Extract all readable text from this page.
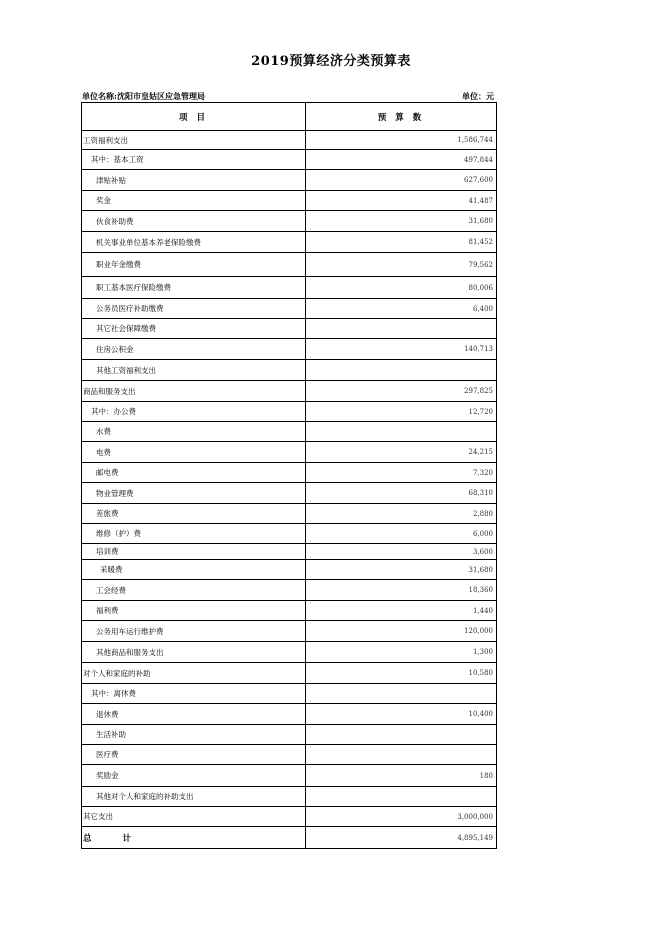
2019预算经济分类预算表
单位名称:沈阳市皇姑区应急管理局	单位：元
项 目	预 算 数
工资福利支出	1,586,744
其中：基本工资	497,844
津贴补贴	627,600
奖金	41,487
伙食补助费	31,680
机关事业单位基本养老保险缴费	81,452
职业年金缴费	79,562
职工基本医疗保险缴费	80,006
公务员医疗补助缴费	6,400
其它社会保障缴费	
住房公积金	140,713
其他工资福利支出	
商品和服务支出	297,825
其中：办公费	12,720
水费	
电费	24,215
邮电费	7,320
物业管理费	68,310
差旅费	2,880
维修（护）费	6,000
培训费	3,600
采暖费	31,680
工会经费	18,360
福利费	1,440
公务用车运行维护费	120,000
其他商品和服务支出	1,300
对个人和家庭的补助	10,580
其中：离休费	
退休费	10,400
生活补助	
医疗费	
奖励金	180
其他对个人和家庭的补助支出	
其它支出	3,000,000
总 计	4,895,149
